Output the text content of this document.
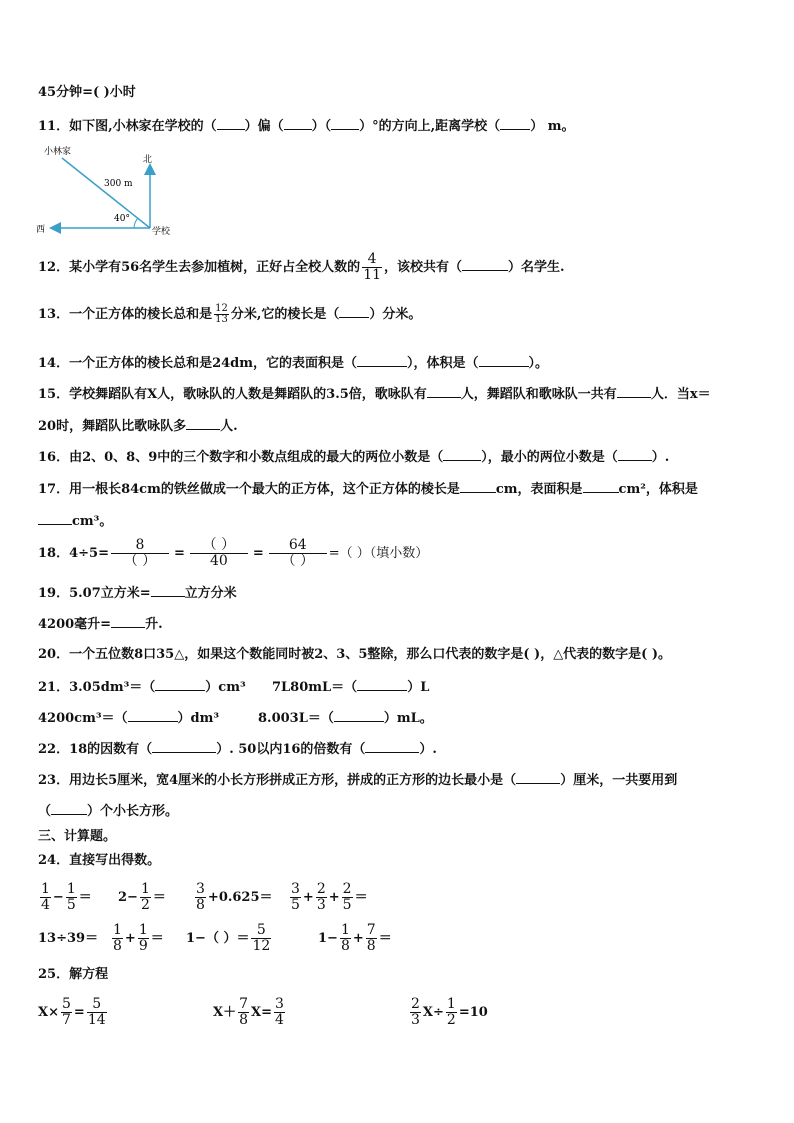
45分钟=( )小时
11．如下图,小林家在学校的（ ）偏（ ）（ ）°的方向上,距离学校（ ） m。
小林家
北
西	学校
300 m
40°
12．某小学有56名学生去参加植树，正好占全校人数的 $\frac{4}{11}$ ，该校共有（	）名学生.
13．一个正方体的棱长总和是 $\frac{12}{13}$ 分米,它的棱长是（ ）分米。
14．一个正方体的棱长总和是24dm，它的表面积是（	），体积是（	）。
15．学校舞蹈队有X人，歌咏队的人数是舞蹈队的3.5倍，歌咏队有	人，舞蹈队和歌咏队一共有	人．当x＝
20时，舞蹈队比歌咏队多	人.
16．由2、0、8、9中的三个数字和小数点组成的最大的两位小数是（	），最小的两位小数是（	）.
17．用一根长84cm的铁丝做成一个最大的正方体，这个正方体的棱长是	cm，表面积是	cm²，体积是
cm³。
18．$4\div 5= \frac{8}{( )} = \frac{( )}{40} = \frac{64}{( )}$ =（ ）（填小数）
19．5.07立方米=	立方分米
4200毫升=	升.
20．一个五位数8口35△，如果这个数能同时被2、3、5整除，那么口代表的数字是( )，△代表的数字是( )。
21．3.05dm³＝（	）cm³ 7L80mL＝（	）L
4200cm³＝（	）dm³	8.003L＝（	）mL。
22．18的因数有（	）. 50以内16的倍数有（	）.
23．用边长5厘米，宽4厘米的小长方形拼成正方形，拼成的正方形的边长最小是（	）厘米，一共要用到
（	）个小长方形。
三、计算题。
24．直接写出得数。
$\frac{1}{4} - \frac{1}{5} = 2- \frac{1}{2} = \frac{3}{8} +0.625= \frac{3}{5} + \frac{2}{3} + \frac{2}{5}$ ＝
$13\div 39= \frac{1}{8} + \frac{1}{9} = 1-$（ ）＝ $\frac{5}{12}$	$1- \frac{1}{8} + \frac{7}{8}$ ＝
25．解方程
$X\times \frac{5}{7} = \frac{5}{14}$	$X+ \frac{7}{8} X= \frac{3}{4}$	$\frac{2}{3} X\div \frac{1}{2} =10$
